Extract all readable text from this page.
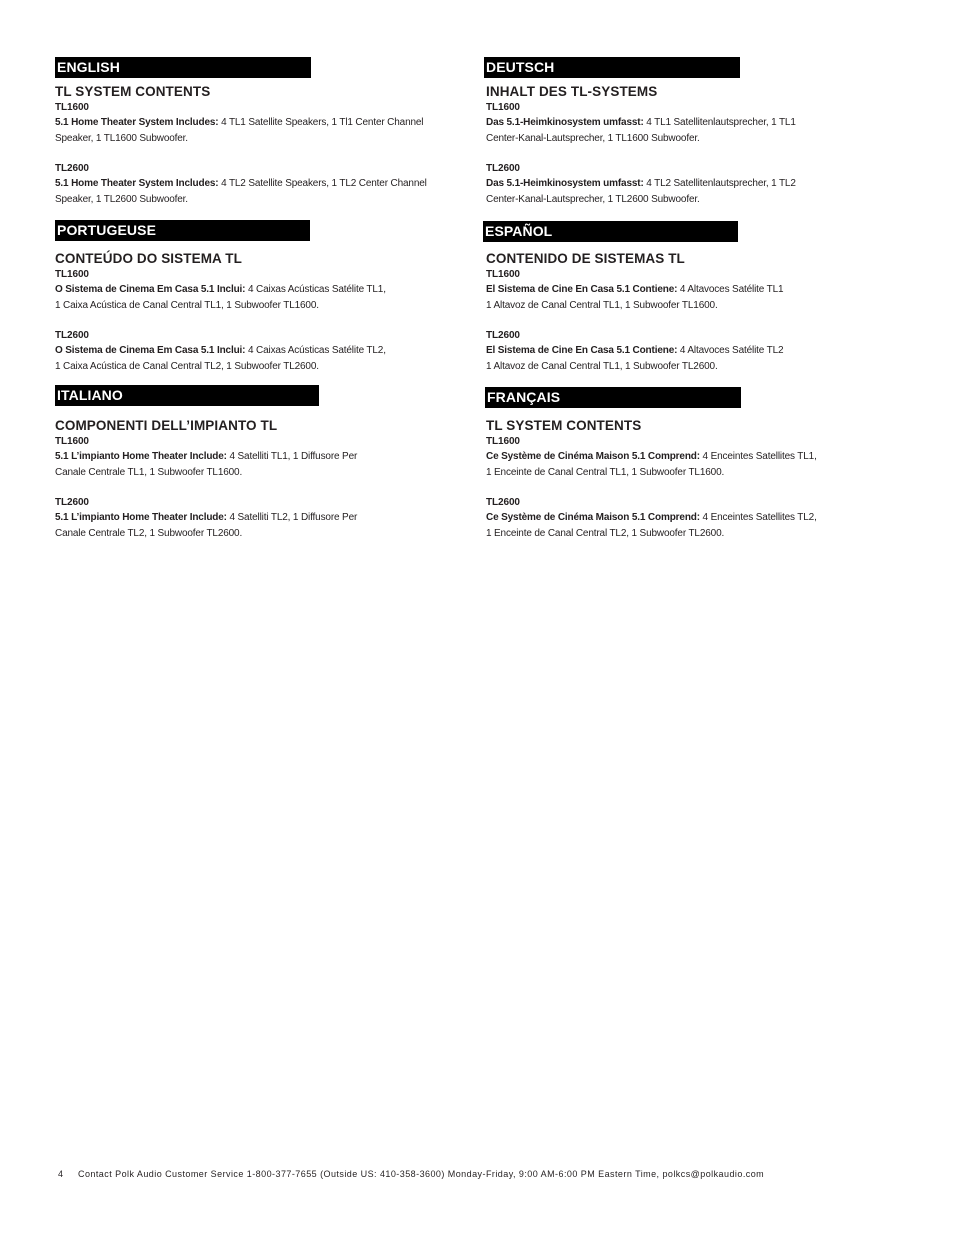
ENGLISH
TL SYSTEM CONTENTS
TL1600

5.1 Home Theater System Includes: 4 TL1 Satellite Speakers, 1 Tl1 Center Channel
Speaker, 1 TL1600 Subwoofer.

TL2600

5.1 Home Theater System Includes: 4 TL2 Satellite Speakers, 1 TL2 Center Channel
Speaker, 1 TL2600 Subwoofer.

PORTUGEUSE
CONTEÚDO DO SISTEMA TL
TL1600

O Sistema de Cinema Em Casa 5.1 Inclui: 4 Caixas Acústicas Satélite TL1,
1 Caixa Acústica de Canal Central TL1, 1 Subwoofer TL1600.

TL2600

O Sistema de Cinema Em Casa 5.1 Inclui: 4 Caixas Acústicas Satélite TL2,
1 Caixa Acústica de Canal Central TL2, 1 Subwoofer TL2600.

ITALIANO
COMPONENTI DELL’IMPIANTO TL
TL1600

5.1 L’impianto Home Theater Include: 4 Satelliti TL1, 1 Diffusore Per
Canale Centrale TL1, 1 Subwoofer TL1600.

TL2600

5.1 L’impianto Home Theater Include: 4 Satelliti TL2, 1 Diffusore Per
Canale Centrale TL2, 1 Subwoofer TL2600.

DEUTSCH
INHALT DES TL-SYSTEMS
TL1600

Das 5.1-Heimkinosystem umfasst: 4 TL1 Satellitenlautsprecher, 1 TL1
Center-Kanal-Lautsprecher, 1 TL1600 Subwoofer.

TL2600

Das 5.1-Heimkinosystem umfasst: 4 TL2 Satellitenlautsprecher, 1 TL2
Center-Kanal-Lautsprecher, 1 TL2600 Subwoofer.

ESPAÑOL
CONTENIDO DE SISTEMAS TL
TL1600

El Sistema de Cine En Casa 5.1 Contiene: 4 Altavoces Satélite TL1
1 Altavoz de Canal Central TL1, 1 Subwoofer TL1600.

TL2600

El Sistema de Cine En Casa 5.1 Contiene: 4 Altavoces Satélite TL2
1 Altavoz de Canal Central TL1, 1 Subwoofer TL2600.

FRANÇAIS
TL SYSTEM CONTENTS
TL1600

Ce Système de Cinéma Maison 5.1 Comprend: 4 Enceintes Satellites TL1,
1 Enceinte de Canal Central TL1, 1 Subwoofer TL1600.

TL2600

Ce Système de Cinéma Maison 5.1 Comprend: 4 Enceintes Satellites TL2,
1 Enceinte de Canal Central TL2, 1 Subwoofer TL2600.

4 Contact Polk Audio Customer Service 1-800-377-7655 (Outside US: 410-358-3600) Monday-Friday, 9:00 AM-6:00 PM Eastern Time, polkcs@polkaudio.com
